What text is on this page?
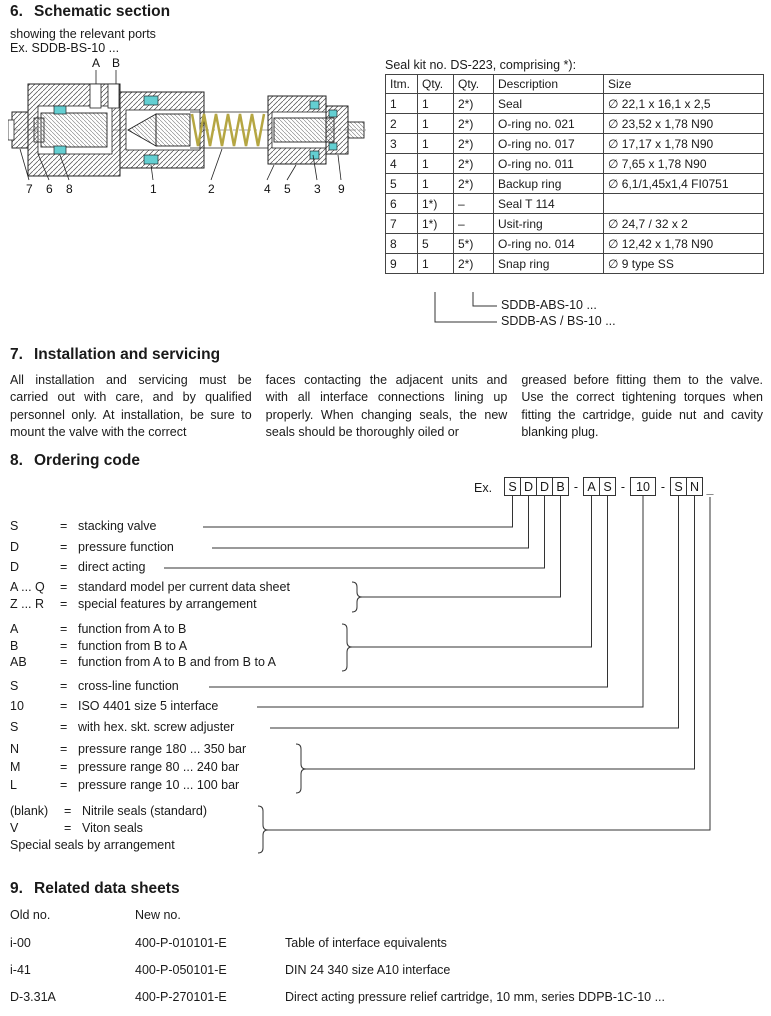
6. Schematic section
showing the relevant ports
Ex. SDDB-BS-10 ...
A B
7 6 8	1	2	4 5 3 9
Seal kit no. DS-223, comprising *):
Itm.	Qty.	Qty.	Description	Size
1	1	2*)	Seal	∅ 22,1 x 16,1 x 2,5
2	1	2*)	O-ring no. 021	∅ 23,52 x 1,78 N90
3	1	2*)	O-ring no. 017	∅ 17,17 x 1,78 N90
4	1	2*)	O-ring no. 011	∅ 7,65 x 1,78 N90
5	1	2*)	Backup ring	∅ 6,1/1,45x1,4 FI0751
6	1*)	–	Seal T 114	
7	1*)	–	Usit-ring	∅ 24,7 / 32 x 2
8	5	5*)	O-ring no. 014	∅ 12,42 x 1,78 N90
9	1	2*)	Snap ring	∅ 9 type SS
SDDB-ABS-10 ...
SDDB-AS / BS-10 ...
7. Installation and servicing
All installation and servicing must be carried out with care, and by qualified personnel only. At installation, be sure to mount the valve with the correct
faces contacting the adjacent units and with all interface connections lining up properly. When changing seals, the new seals should be thoroughly oiled or
greased before fitting them to the valve. Use the correct tightening torques when fitting the cartridge, guide nut and cavity blanking plug.
8. Ordering code
Ex.	S D D B - A S - 10 - S N _
S	= stacking valve
D	= pressure function
D	= direct acting
A ... Q = standard model per current data sheet
Z ... R = special features by arrangement
A	= function from A to B
B	= function from B to A
AB	= function from A to B and from B to A
S	= cross-line function
10	= ISO 4401 size 5 interface
S	= with hex. skt. screw adjuster
N	= pressure range 180 ... 350 bar
M	= pressure range 80 ... 240 bar
L	= pressure range 10 ... 100 bar
(blank) = Nitrile seals (standard)
V	= Viton seals
Special seals by arrangement
9. Related data sheets
Old no.	New no.
i-00	400-P-010101-E	Table of interface equivalents
i-41	400-P-050101-E	DIN 24 340 size A10 interface
D-3.31A	400-P-270101-E	Direct acting pressure relief cartridge, 10 mm, series DDPB-1C-10 ...
